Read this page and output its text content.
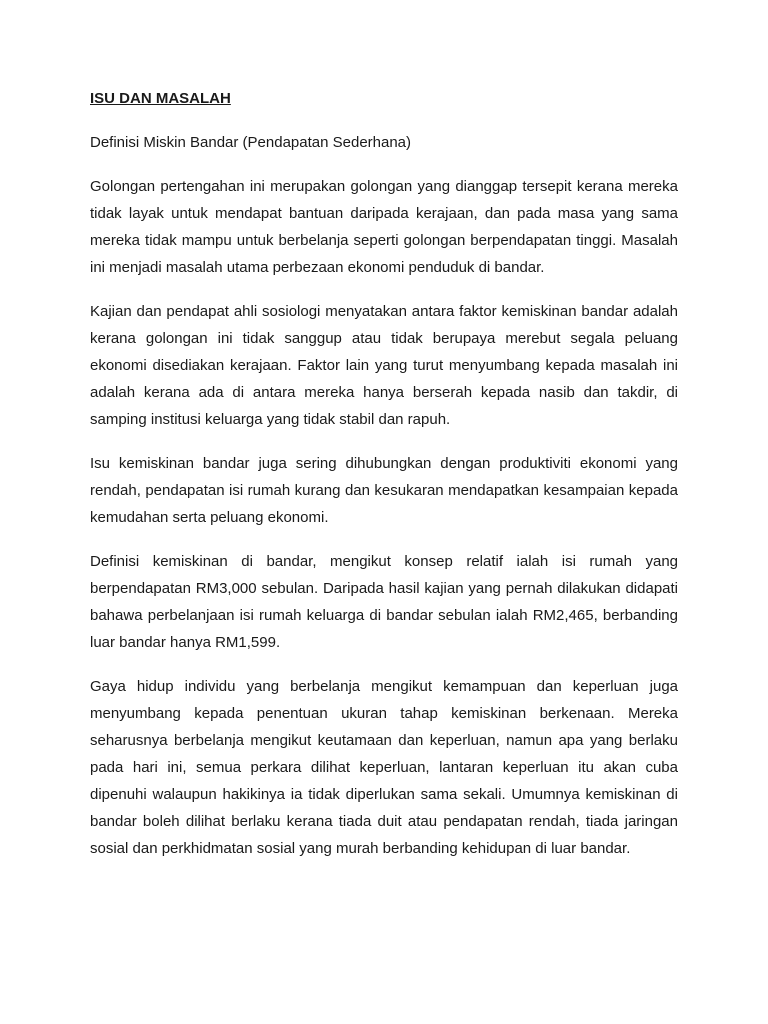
ISU DAN MASALAH
Definisi Miskin Bandar (Pendapatan Sederhana)

Golongan pertengahan ini merupakan golongan yang dianggap tersepit kerana mereka tidak layak untuk mendapat bantuan daripada kerajaan, dan pada masa yang sama mereka tidak mampu untuk berbelanja seperti golongan berpendapatan tinggi. Masalah ini menjadi masalah utama perbezaan ekonomi penduduk di bandar.

Kajian dan pendapat ahli sosiologi menyatakan antara faktor kemiskinan bandar adalah kerana golongan ini tidak sanggup atau tidak berupaya merebut segala peluang ekonomi disediakan kerajaan. Faktor lain yang turut menyumbang kepada masalah ini adalah kerana ada di antara mereka hanya berserah kepada nasib dan takdir, di samping institusi keluarga yang tidak stabil dan rapuh.

Isu kemiskinan bandar juga sering dihubungkan dengan produktiviti ekonomi yang rendah, pendapatan isi rumah kurang dan kesukaran mendapatkan kesampaian kepada kemudahan serta peluang ekonomi.

Definisi kemiskinan di bandar, mengikut konsep relatif ialah isi rumah yang berpendapatan RM3,000 sebulan. Daripada hasil kajian yang pernah dilakukan didapati bahawa perbelanjaan isi rumah keluarga di bandar sebulan ialah RM2,465, berbanding luar bandar hanya RM1,599.

Gaya hidup individu yang berbelanja mengikut kemampuan dan keperluan juga menyumbang kepada penentuan ukuran tahap kemiskinan berkenaan. Mereka seharusnya berbelanja mengikut keutamaan dan keperluan, namun apa yang berlaku pada hari ini, semua perkara dilihat keperluan, lantaran keperluan itu akan cuba dipenuhi walaupun hakikinya ia tidak diperlukan sama sekali. Umumnya kemiskinan di bandar boleh dilihat berlaku kerana tiada duit atau pendapatan rendah, tiada jaringan sosial dan perkhidmatan sosial yang murah berbanding kehidupan di luar bandar.
